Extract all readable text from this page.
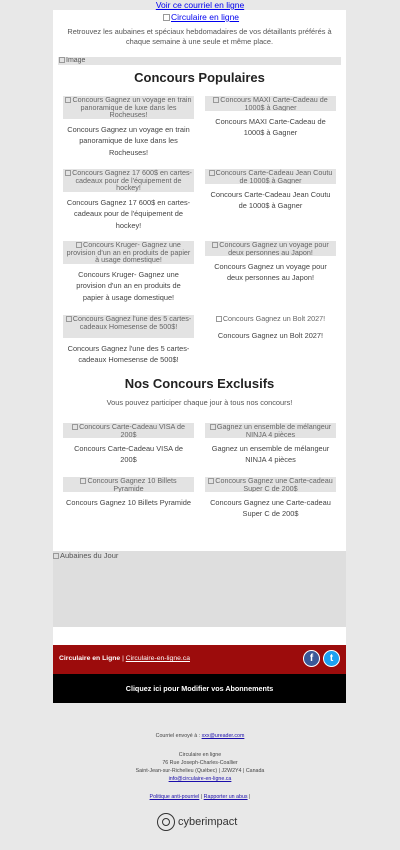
Voir ce courriel en ligne
Circulaire en ligne

Retrouvez les aubaines et spéciaux hebdomadaires de vos détaillants préférés à chaque semaine à une seule et même place.

Image
Concours Populaires
Concours Gagnez un voyage en train panoramique de luxe dans les Rocheuses!
Concours Gagnez un voyage en train panoramique de luxe dans les Rocheuses!
Concours MAXI Carte-Cadeau de 1000$ à Gagner
Concours MAXI Carte-Cadeau de 1000$ à Gagner
Concours Gagnez 17 600$ en cartes-cadeaux pour de l'équipement de hockey!
Concours Gagnez 17 600$ en cartes-cadeaux pour de l'équipement de hockey!
Concours Carte-Cadeau Jean Coutu de 1000$ à Gagner
Concours Carte-Cadeau Jean Coutu de 1000$ à Gagner
Concours Kruger- Gagnez une provision d'un an en produits de papier à usage domestique!
Concours Kruger- Gagnez une provision d'un an en produits de papier à usage domestique!
Concours Gagnez un voyage pour deux personnes au Japon!
Concours Gagnez un voyage pour deux personnes au Japon!
Concours Gagnez l'une des 5 cartes-cadeaux Homesense de 500$!
Concours Gagnez l'une des 5 cartes-cadeaux Homesense de 500$!
Concours Gagnez un Bolt 2027!
Concours Gagnez un Bolt 2027!
Nos Concours Exclusifs

Vous pouvez participer chaque jour à tous nos concours!

Concours Carte-Cadeau VISA de 200$
Concours Carte-Cadeau VISA de 200$
Gagnez un ensemble de mélangeur NINJA 4 pièces
Gagnez un ensemble de mélangeur NINJA 4 pièces
Concours Gagnez 10 Billets Pyramide
Concours Gagnez 10 Billets Pyramide
Concours Gagnez une Carte-cadeau Super C de 200$
Concours Gagnez une Carte-cadeau Super C de 200$
Aubaines du Jour
Circulaire en Ligne | Circulaire-en-ligne.ca	f	t
Cliquez ici pour Modifier vos Abonnements
Courriel envoyé à : xxx@ureader.com
Circulaire en ligne
76 Rue Joseph-Charles-Coallier
Saint-Jean-sur-Richelieu (Québec) | J2W2Y4 | Canada
info@circulaire-en-ligne.ca
Politique anti-pourriel | Rapporter un abus |
cyberimpact
